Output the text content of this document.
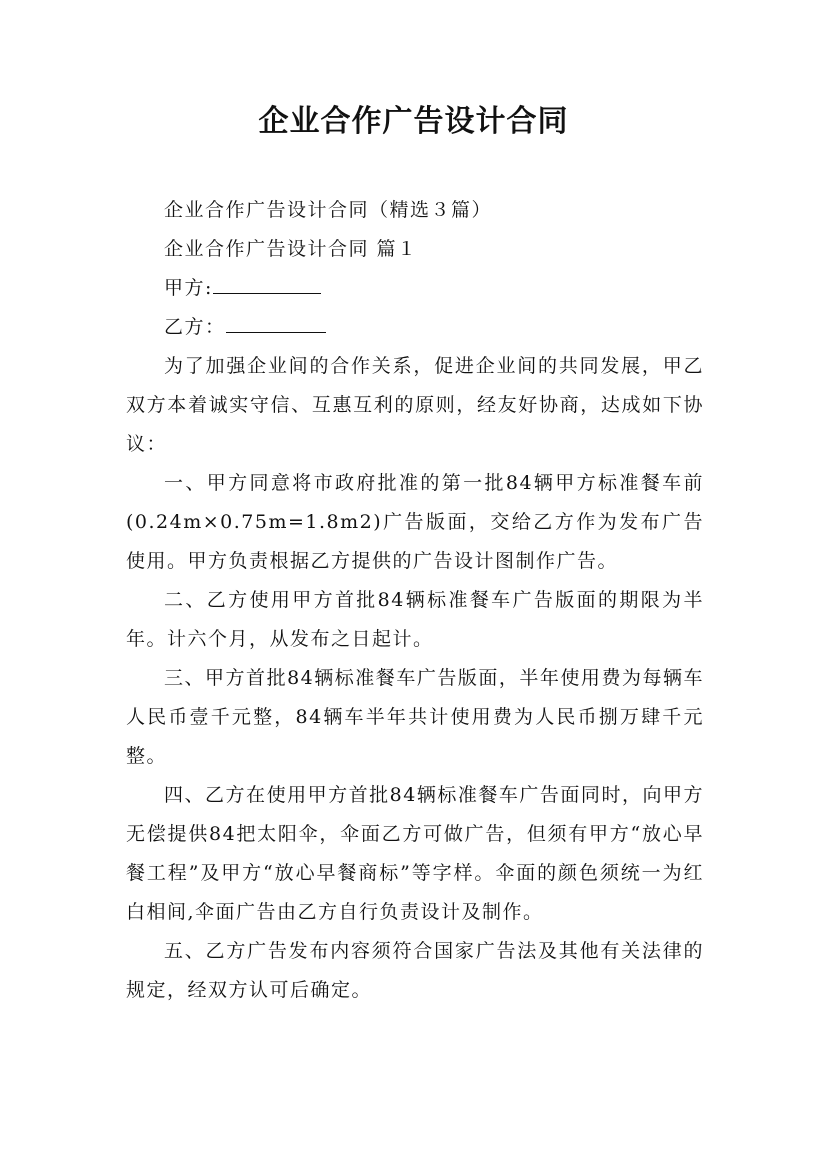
企业合作广告设计合同

企业合作广告设计合同（精选３篇）

企业合作广告设计合同 篇１

甲方:

乙方：

为了加强企业间的合作关系，促进企业间的共同发展，甲乙双方本着诚实守信、互惠互利的原则，经友好协商，达成如下协议：

一、甲方同意将市政府批准的第一批84辆甲方标准餐车前(0.24m×0.75m=1.8m2)广告版面，交给乙方作为发布广告使用。甲方负责根据乙方提供的广告设计图制作广告。

二、乙方使用甲方首批84辆标准餐车广告版面的期限为半年。计六个月，从发布之日起计。

三、甲方首批84辆标准餐车广告版面，半年使用费为每辆车人民币壹千元整，84辆车半年共计使用费为人民币捌万肆千元整。

四、乙方在使用甲方首批84辆标准餐车广告面同时，向甲方无偿提供84把太阳伞，伞面乙方可做广告，但须有甲方“放心早餐工程”及甲方“放心早餐商标”等字样。伞面的颜色须统一为红白相间,伞面广告由乙方自行负责设计及制作。

五、乙方广告发布内容须符合国家广告法及其他有关法律的规定，经双方认可后确定。
